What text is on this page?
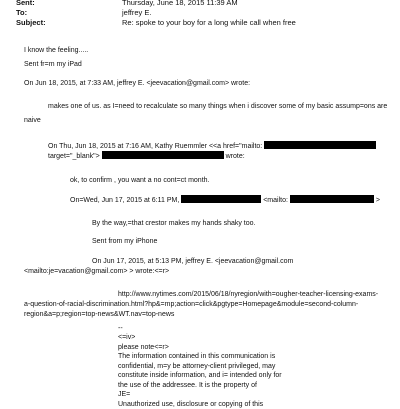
Sent:	Thursday, June 18, 2015 11:39 AM
To:	jeffrey E.
Subject:	Re: spoke to your boy for a long while call when free
I know the feeling.....
Sent fr=m my iPad
On Jun 18, 2015, at 7:33 AM, jeffrey E. <jeevacation@gmail.com> wrote:
makes one of us. as I=need to recalculate so many things when i discover some of my basic assump=ons are
naive
On Thu, Jun 18, 2015 at 7:16 AM, Kathy Ruemmler <<a href="mailto:
target="_blank">	wrote:
ok, to confirm , you want a no cont=ct month.
On=Wed, Jun 17, 2015 at 6:11 PM,	<mailto:	>
By the way,=that crestor makes my hands shaky too.
Sent from my iPhone
On Jun 17, 2015, at 5:13 PM, jeffrey E. <jeevacation@gmail.com
<mailto:je=vacation@gmail.com> > wrote:<=r>
http://www.nytimes.com/2015/06/18/nyregion/with=ougher-teacher-licensing-exams-
a-question-of-racial-discrimination.html?hp&=mp;action=click&pgtype=Homepage&module=second-column-
region&a=p;region=top-news&WT.nav=top-news
--
<=iv>
please note<=r>
The information contained in this communication is
confidential, m=y be attorney-client privileged, may
constitute inside information, and i= intended only for
the use of the addressee. It is the property of
JE=
Unauthorized use, disclosure or copying of this
